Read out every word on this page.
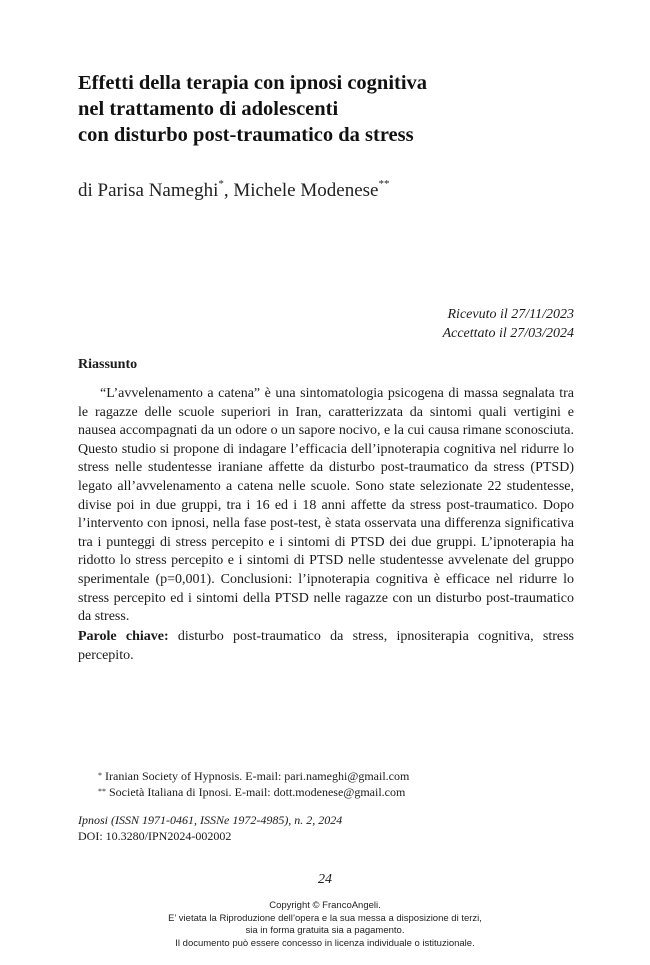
Effetti della terapia con ipnosi cognitiva
nel trattamento di adolescenti
con disturbo post-traumatico da stress
di Parisa Nameghi*, Michele Modenese**
Ricevuto il 27/11/2023
Accettato il 27/03/2024
Riassunto

“L’avvelenamento a catena” è una sintomatologia psicogena di massa segnalata tra le ragazze delle scuole superiori in Iran, caratterizzata da sintomi quali vertigini e nausea accompagnati da un odore o un sapore nocivo, e la cui causa rimane sconosciuta. Questo studio si propone di indagare l’efficacia dell’ipnoterapia cognitiva nel ridurre lo stress nelle studentesse iraniane affette da disturbo post-traumatico da stress (PTSD) legato all’avvelenamento a catena nelle scuole. Sono state selezionate 22 studentesse, divise poi in due gruppi, tra i 16 ed i 18 anni affette da stress post-traumatico. Dopo l’intervento con ipnosi, nella fase post-test, è stata osservata una differenza significativa tra i punteggi di stress percepito e i sintomi di PTSD dei due gruppi. L’ipnoterapia ha ridotto lo stress percepito e i sintomi di PTSD nelle studentesse avvelenate del gruppo sperimentale (p=0,001). Conclusioni: l’ipnoterapia cognitiva è efficace nel ridurre lo stress percepito ed i sintomi della PTSD nelle ragazze con un disturbo post-traumatico da stress.

Parole chiave: disturbo post-traumatico da stress, ipnositerapia cognitiva, stress percepito.

* Iranian Society of Hypnosis. E-mail: pari.nameghi@gmail.com
** Società Italiana di Ipnosi. E-mail: dott.modenese@gmail.com
Ipnosi (ISSN 1971-0461, ISSNe 1972-4985), n. 2, 2024
DOI: 10.3280/IPN2024-002002
24
Copyright © FrancoAngeli.
E’ vietata la Riproduzione dell’opera e la sua messa a disposizione di terzi,
sia in forma gratuita sia a pagamento.
Il documento può essere concesso in licenza individuale o istituzionale.
